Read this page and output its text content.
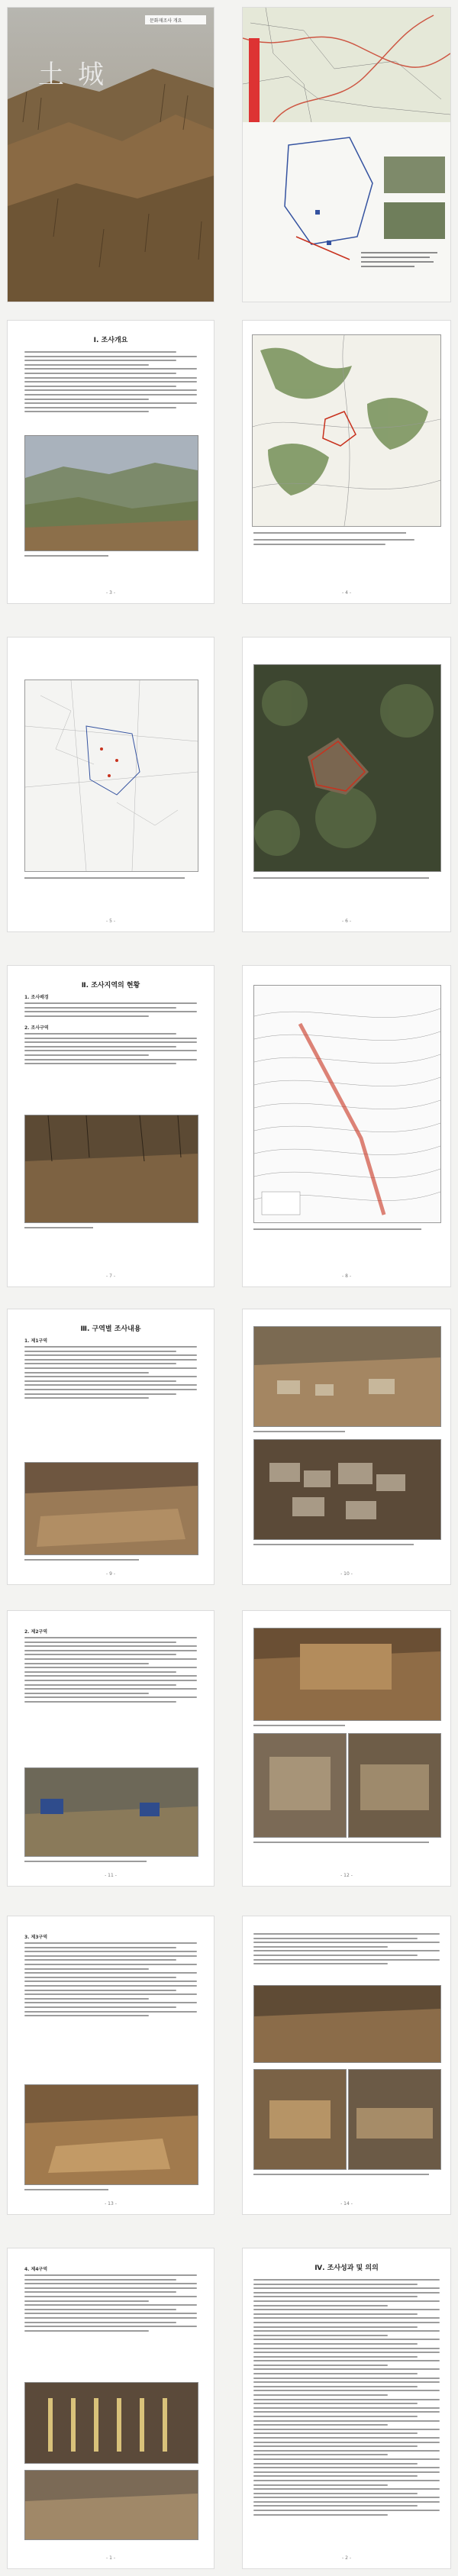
문화재조사 개요
土城
Ⅰ. 조사개요
- 3 -	- 4 -
- 5 -	- 6 -
Ⅱ. 조사지역의 현황
1. 조사배경
2. 조사구역
- 7 -	- 8 -
Ⅲ. 구역별 조사내용
1. 제1구역
- 9 -	- 10 -
2. 제2구역
- 11 -	- 12 -
3. 제3구역
- 13 -	- 14 -
4. 제4구역
- 1 -
Ⅳ. 조사성과 및 의의
- 2 -
